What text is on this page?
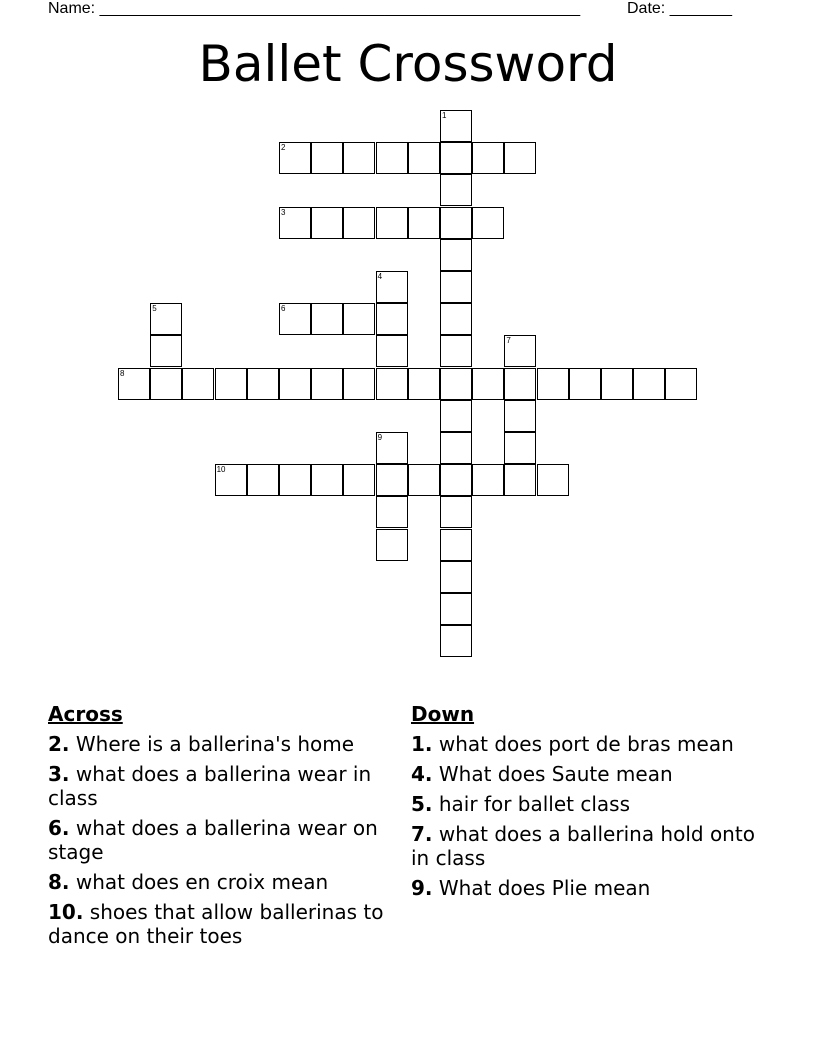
Name: ______________________________________________________	Date: _______
Ballet Crossword
1
2
3
4
5	6
7
8
9
10
Across
2. Where is a ballerina's home
3. what does a ballerina wear in class
6. what does a ballerina wear on stage
8. what does en croix mean
10. shoes that allow ballerinas to dance on their toes
Down
1. what does port de bras mean
4. What does Saute mean
5. hair for ballet class
7. what does a ballerina hold onto in class
9. What does Plie mean
